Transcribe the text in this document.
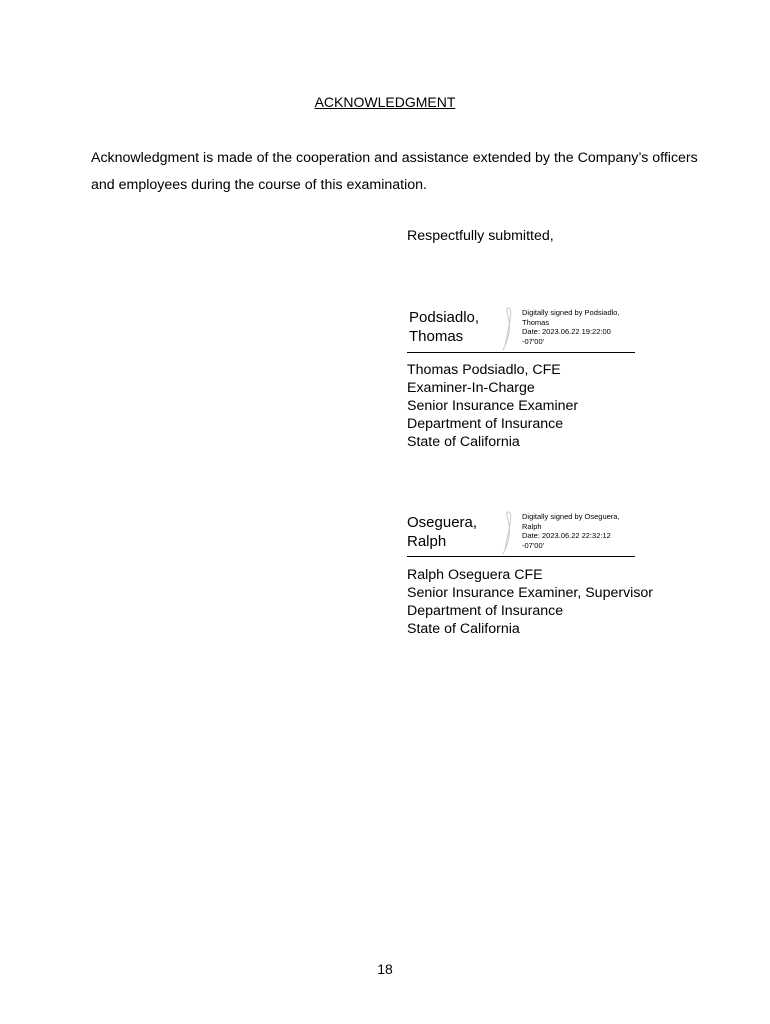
ACKNOWLEDGMENT
Acknowledgment is made of the cooperation and assistance extended by the Company’s officers and employees during the course of this examination.
Respectfully submitted,
Podsiadlo,
Thomas
Digitally signed by Podsiadlo,
Thomas
Date: 2023.06.22 19:22:00
-07'00'
Thomas Podsiadlo, CFE
Examiner-In-Charge
Senior Insurance Examiner
Department of Insurance
State of California
Oseguera,
Ralph
Digitally signed by Oseguera,
Ralph
Date: 2023.06.22 22:32:12
-07'00'
Ralph Oseguera CFE
Senior Insurance Examiner, Supervisor
Department of Insurance
State of California
18
